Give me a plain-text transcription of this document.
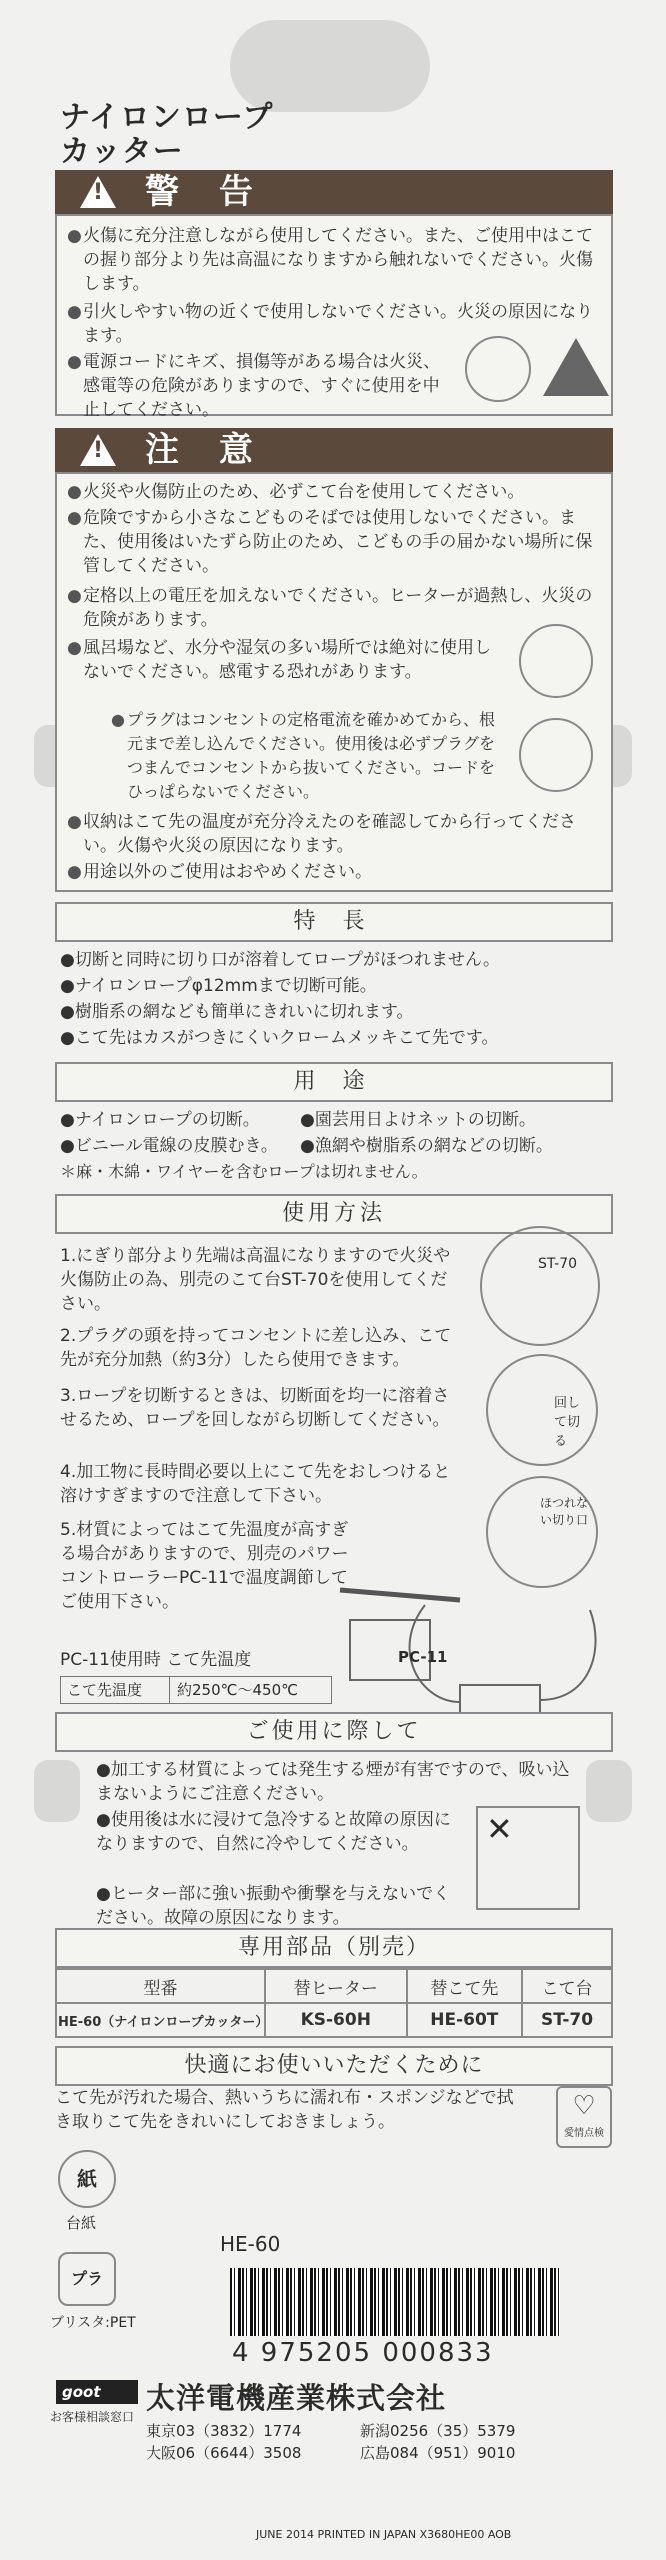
ナイロンロープ
カッター
! 警 告
● 火傷に充分注意しながら使用してください。また、ご使用中はこての握り部分より先は高温になりますから触れないでください。火傷します。
● 引火しやすい物の近くで使用しないでください。火災の原因になります。
● 電源コードにキズ、損傷等がある場合は火災、感電等の危険がありますので、すぐに使用を中止してください。
! 注 意
● 火災や火傷防止のため、必ずこて台を使用してください。
● 危険ですから小さなこどものそばでは使用しないでください。また、使用後はいたずら防止のため、こどもの手の届かない場所に保管してください。
● 定格以上の電圧を加えないでください。ヒーターが過熱し、火災の危険があります。
● 風呂場など、水分や湿気の多い場所では絶対に使用しないでください。感電する恐れがあります。
● プラグはコンセントの定格電流を確かめてから、根元まで差し込んでください。使用後は必ずプラグをつまんでコンセントから抜いてください。コードをひっぱらないでください。
● 収納はこて先の温度が充分冷えたのを確認してから行ってください。火傷や火災の原因になります。
● 用途以外のご使用はおやめください。
特 長
●切断と同時に切り口が溶着してロープがほつれません。
●ナイロンロープφ12mmまで切断可能。
●樹脂系の網なども簡単にきれいに切れます。
●こて先はカスがつきにくいクロームメッキこて先です。
用 途
●ナイロンロープの切断。 ●園芸用日よけネットの切断。
●ビニール電線の皮膜むき。 ●漁網や樹脂系の網などの切断。
＊麻・木綿・ワイヤーを含むロープは切れません。
使用方法
1.にぎり部分より先端は高温になりますので火災や火傷防止の為、別売のこて台ST-70を使用してください。
2.プラグの頭を持ってコンセントに差し込み、こて先が充分加熱（約3分）したら使用できます。
3.ロープを切断するときは、切断面を均一に溶着させるため、ロープを回しながら切断してください。
4.加工物に長時間必要以上にこて先をおしつけると溶けすぎますので注意して下さい。
5.材質によってはこて先温度が高すぎる場合がありますので、別売のパワーコントローラーPC-11で温度調節してご使用下さい。
ST-70
回して切る
ほつれない切り口
PC-11
PC-11使用時 こて先温度
こて先温度 約250℃〜450℃
ご使用に際して
●加工する材質によっては発生する煙が有害ですので、吸い込まないようにご注意ください。
●使用後は水に浸けて急冷すると故障の原因になりますので、自然に冷やしてください。
●ヒーター部に強い振動や衝撃を与えないでください。故障の原因になります。
✕
専用部品（別売）
型番	替ヒーター	替こて先	こて台
HE-60（ナイロンロープカッター）	KS-60H	HE-60T	ST-70
快適にお使いいただくために
こて先が汚れた場合、熱いうちに濡れ布・スポンジなどで拭き取りこて先をきれいにしておきましょう。
♡
愛情点検
紙
台紙
プラ
ブリスタ:PET
HE-60
4 975205 000833
goot
お客様相談窓口
太洋電機産業株式会社
東京03（3832）1774	新潟0256（35）5379
大阪06（6644）3508	広島084（951）9010
JUNE 2014 PRINTED IN JAPAN X3680HE00 AOB
